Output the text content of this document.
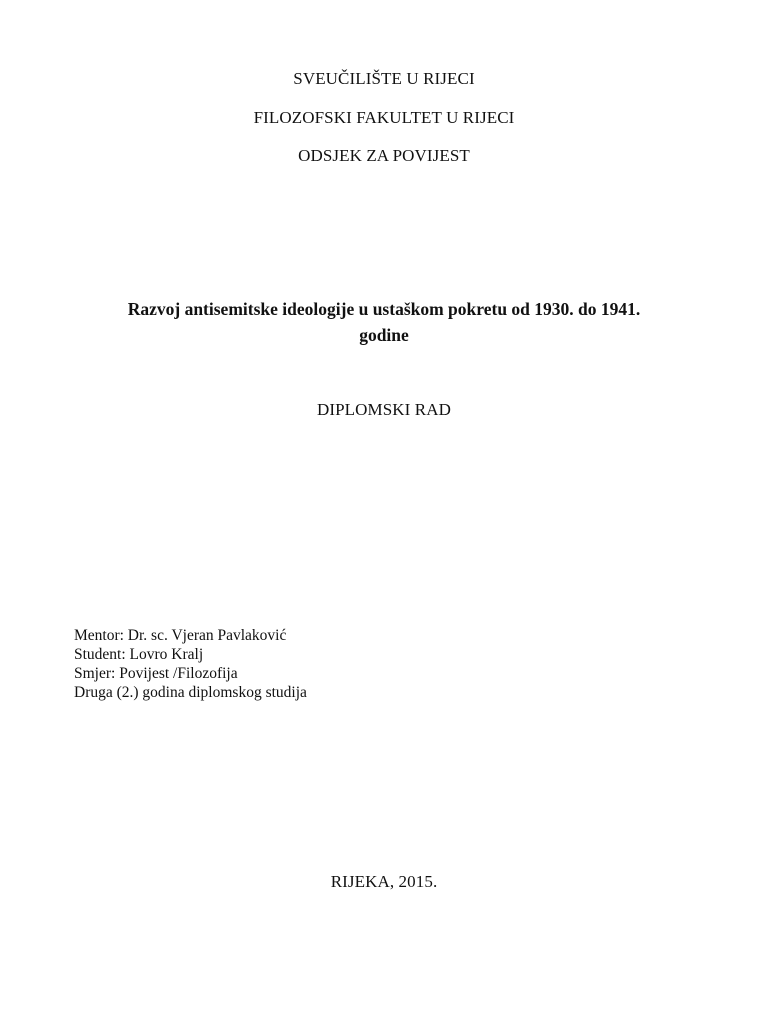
SVEUČILIŠTE U RIJECI
FILOZOFSKI FAKULTET U RIJECI
ODSJEK ZA POVIJEST
Razvoj antisemitske ideologije u ustaškom pokretu od 1930. do 1941.
godine
DIPLOMSKI RAD
Mentor: Dr. sc. Vjeran Pavlaković
Student: Lovro Kralj
Smjer: Povijest /Filozofija
Druga (2.) godina diplomskog studija
RIJEKA, 2015.
